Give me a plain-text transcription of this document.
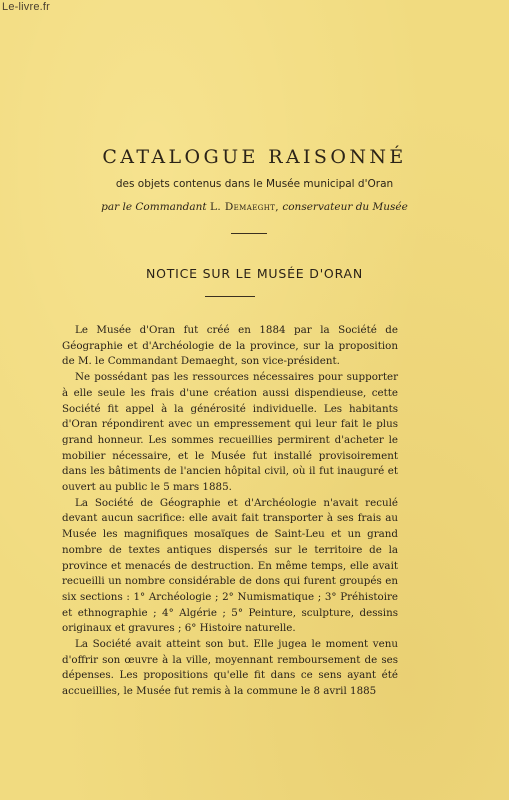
Le-livre.fr
CATALOGUE RAISONNÉ
des objets contenus dans le Musée municipal d'Oran
par le Commandant L. Demaeght, conservateur du Musée
NOTICE SUR LE MUSÉE D'ORAN

Le Musée d'Oran fut créé en 1884 par la Société de Géographie et d'Archéologie de la province, sur la proposition de M. le Commandant Demaeght, son vice-président.

Ne possédant pas les ressources nécessaires pour supporter à elle seule les frais d'une création aussi dispendieuse, cette Société fit appel à la générosité individuelle. Les habitants d'Oran répondirent avec un empressement qui leur fait le plus grand honneur. Les sommes recueillies permirent d'acheter le mobilier nécessaire, et le Musée fut installé provisoirement dans les bâtiments de l'ancien hôpital civil, où il fut inauguré et ouvert au public le 5 mars 1885.

La Société de Géographie et d'Archéologie n'avait reculé devant aucun sacrifice: elle avait fait transporter à ses frais au Musée les magnifiques mosaïques de Saint-Leu et un grand nombre de textes antiques dispersés sur le territoire de la province et menacés de destruction. En même temps, elle avait recueilli un nombre considérable de dons qui furent groupés en six sections : 1° Archéologie ; 2° Numismatique ; 3° Préhistoire et ethnographie ; 4° Algérie ; 5° Peinture, sculpture, dessins originaux et gravures ; 6° Histoire naturelle.

La Société avait atteint son but. Elle jugea le moment venu d'offrir son œuvre à la ville, moyennant remboursement de ses dépenses. Les propositions qu'elle fit dans ce sens ayant été accueillies, le Musée fut remis à la commune le 8 avril 1885
